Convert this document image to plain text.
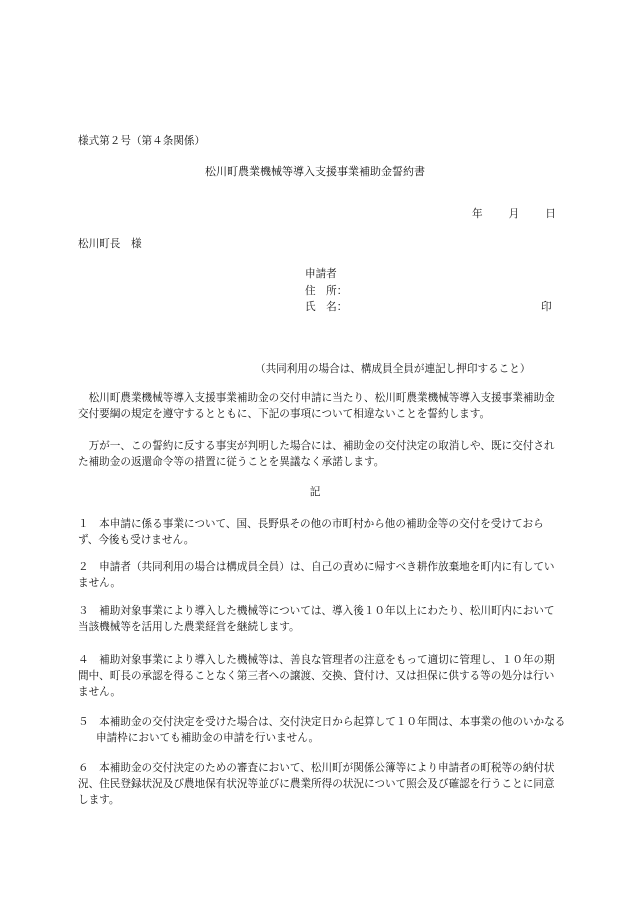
様式第２号（第４条関係）
松川町農業機械等導入支援事業補助金誓約書
年 月 日
松川町長　様
申請者
住　所：
氏　名：	印
（共同利用の場合は、構成員全員が連記し押印すること）
松川町農業機械等導入支援事業補助金の交付申請に当たり、松川町農業機械等導入支援事業補助金交付要綱の規定を遵守するとともに、下記の事項について相違ないことを誓約します。
万が一、この誓約に反する事実が判明した場合には、補助金の交付決定の取消しや、既に交付された補助金の返還命令等の措置に従うことを異議なく承諾します。
記
１　本申請に係る事業について、国、長野県その他の市町村から他の補助金等の交付を受けておらず、今後も受けません。
２　申請者（共同利用の場合は構成員全員）は、自己の責めに帰すべき耕作放棄地を町内に有していません。
３　補助対象事業により導入した機械等については、導入後１０年以上にわたり、松川町内において当該機械等を活用した農業経営を継続します。
４　補助対象事業により導入した機械等は、善良な管理者の注意をもって適切に管理し、１０年の期間中、町長の承認を得ることなく第三者への譲渡、交換、貸付け、又は担保に供する等の処分は行いません。
５　本補助金の交付決定を受けた場合は、交付決定日から起算して１０年間は、本事業の他のいかなる申請枠においても補助金の申請を行いません。
６　本補助金の交付決定のための審査において、松川町が関係公簿等により申請者の町税等の納付状況、住民登録状況及び農地保有状況等並びに農業所得の状況について照会及び確認を行うことに同意します。
